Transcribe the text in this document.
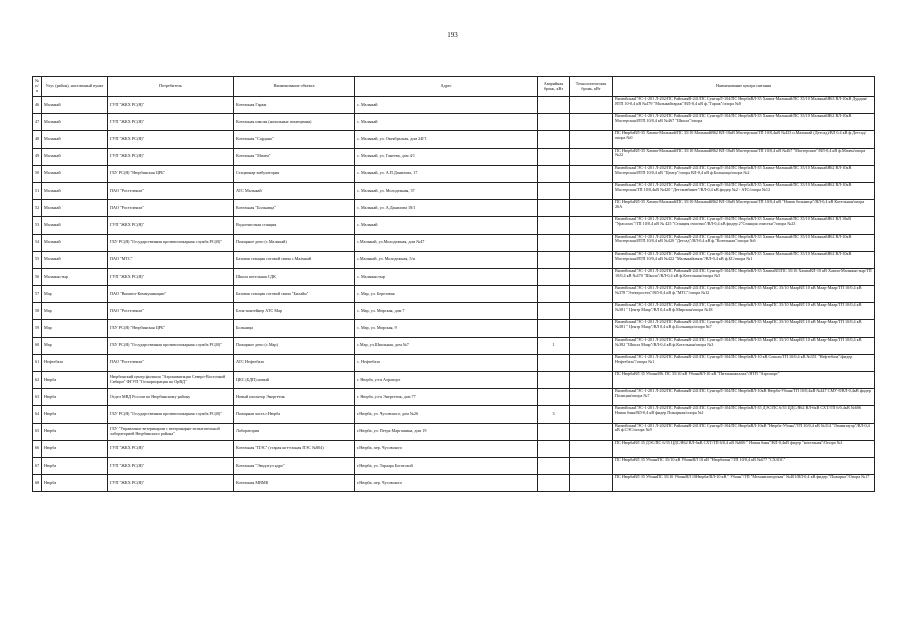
193
№ п/п	Улус (район), населенный пункт	Потребитель	Наименование объекта	Адрес	Аварийная бронь, кВт	Технологическая бронь, кВт	Наименование центра питания

46	Малыкай	ГУП "ЖКХ РС(Я)"	Котельная Гараж	с. Малыкай			ВилюйскаяГЭС-1-201 Л-202/ПС РайонаяВ-241/ПС СунтарЛ-104/ПС НюрбаВЛ-35 Хампа-Малыкай/ПС 35/10 МалыкайЯ63 ВЛ-10кВ Дурдин/ЯТП 10-0,4 кВ №479 "Малыкайгараж"/ВЛ-0,4 кВ ф."Гараж"/опора №0

47	Малыкай	ГУП "ЖКХ РС(Я)"	Котельная школы (начальные помещения)	с. Малыкай			ВилюйскаяГЭС-1-201 Л-202/ПС РайонаяВ-241/ПС СунтарЛ-104/ПС НюрбаВЛ-35 Хампа-Малыкай/ПС 35/10 МалыкайЯ62 ВЛ-10кВ Мастерская/ЯТП 10/0,4 кВ №467 "Школа"/опора

48	Малыкай	ГУП "ЖКХ РС(Я)"	Котельная "Сардана"	с. Малыкай, ул. Октябрьская, дом 24Г1			ПС НюрбаВЛ-35 Хампа-Малыкай/ПС 35/10 МалыкайЯ62 ВЛ-10кВ Мастерская/ТП 10/0,4кВ №433 п.Малыкай (Детсад)/ВЛ 0,4 кВ ф.Детсад/опора №0

49	Малыкай	ГУП "ЖКХ РС(Я)"	Котельная "Мачен"	с. Малыкай, ул. Ганеева, дом 4/1			ПС НюрбаВЛ-35 Хампа-Малыкай/ПС 35/10 МалыкайЯ62 ВЛ-10кВ Мастерская/ТП 10/0,4 кВ №467 "Мастерские"/ВЛ-0,4 кВ ф.Мачен/опора №22

50	Малыкай	ГБУ РС(Я) "Нюрбинская ЦРБ"	Стационар-амбулатория	с. Малыкай, ул. А.П.Данилова, 17			ВилюйскаяГЭС-1-201 Л-202/ПС РайонаяВ-241/ПС СунтарЛ-104/ПС НюрбаВЛ-35 Хампа-Малыкай/ПС 35/10 МалыкайЯ62 ВЛ-10кВ Мастерская/ЯТП 10/0,4 кВ "Центр"/опора ВЛ-0,4 кВ ф.Больница/опора №2

51	Малыкай	ПАО "Ростелеком"	АТС Малыкай	с. Малыкай, ул. Молодежная, 37			ВилюйскаяГЭС-1-201 Л-202/ПС РайонаяВ-241/ПС СунтарЛ-104/ПС НюрбаВЛ-35 Хампа-Малыкай/ПС 35/10 МалыкайЯ62 ВЛ-10кВ Мастерская/ТП 10/0,4кВ №420 "Детсковбинет"/ВЛ-0,4 кВ фидер №2 - АТС/опора №12

52	Малыкай	ПАО "Ростелеком"	Котельная "Больница"	с. Малыкай, ул. А.Данилова 18/1			ПС НюрбаВЛ-35 Хампа-Малыкай/ПС 35/10 МалыкайЯ62 ВЛ-10кВ Мастерская/ТП 10/0,4 кВ "Новая больница"/ВЛ-0,4 кВ Котельная/опора 26А

53	Малыкай	ГУП "ЖКХ РС(Я)"	Водоочистная станция	с. Малыкай			ВилюйскаяГЭС-1-201 Л-202/ПС РайонаяВ-241/ПС СунтарЛ-104/ПС НюрбаВЛ-35 Хампа-Малыкай/ПС 35/10 МалыкайЯ61 ВЛ 10кВ "Урасалах"/ТП 10/0,4 кВ № 425 "Станция очистки"/ВЛ-0,4 кВ фидер 2"Станция очистки"/опора №23

54	Малыкай	ГБУ РС(Я) "Государственная противопожарная служба РС(Я)"	Пожарное депо (с.Малыкай)	с.Малыкай, ул.Молодежная, дом №47			ВилюйскаяГЭС-1-201 Л-202/ПС РайонаяВ-241/ПС СунтарЛ-104/ПС НюрбаВЛ-35 Хампа-Малыкай/ПС 35/10 МалыкайЯ62 ВЛ-10кВ Мастерская/ЯТП 10/0,4 кВ №420 "Детсад"/ВЛ-0,4 кВ ф."Котельная"/опора №6

55	Малыкай	ПАО "МТС"	Базовая станция сотовой связи с.Малыкай	с.Малыкай, ул. Молодежная, 5/и			ВилюйскаяГЭС-1-201 Л-202/ПС РайонаяВ-241/ПС СунтарЛ-104/ПС НюрбаВЛ-35 Хампа-Малыкай/ПС 35/10 МалыкайЯ62 ВЛ-10кВ Мастерская/ЯТП 10/0,4 кВ №422 "Малыкайсвязь"/ВЛ-0,4 кВ ф.БС/опора №1

56	Малыкыстыр	ГУП "ЖКХ РС(Я)"	Школа котельная СДК	с. Малыкыстыр			ВилюйскаяГЭС-1-201 Л-202/ПС РайонаяВ-241/ПС СунтарЛ-104/ПС НюрбаВЛ-35 ХампаВЛ/ПС 35/10 ХампаВЛ-10 кВ Хампа-Малыкыстыр/ТП 10/0,4 кВ №470 "Школа"/ВЛ-0,4 кВ ф.Котельная/опора №5

57	Мар	ПАО "Вымпел-Коммуникации"	Базовая станция сотовой связи "Билайн"	с. Мар, ул. Березовая			ВилюйскаяГЭС-1-201 Л-202/ПС РайонаяВ-241/ПС СунтарЛ-104/ПС НюрбаВЛ-35 МаарПС 35/10 МаарВЛ 10 кВ Маар-Маар/ТП 10/0,4 кВ №378 "Электросеть"/ВЛ-0,4 кВ ф."МТС"/опора №12

58	Мар	ПАО "Ростелеком"	Блок-контейнер АТС Мар	с. Мар, ул. Мирская, дом 7			ВилюйскаяГЭС-1-201 Л-202/ПС РайонаяВ-241/ПС СунтарЛ-104/ПС НюрбаВЛ-35 МаарПС 35/10 МаарВЛ 10 кВ Маар-Маар/ТП 10/0,4 кВ №381 " Центр Маар"/ВЛ 0,4 кВ ф.Мирская/опора №18

59	Мар	ГБУ РС(Я) "Нюрбинская ЦРБ"	Больница	с. Мар, ул. Мирская, 9			ВилюйскаяГЭС-1-201 Л-202/ПС РайонаяВ-241/ПС СунтарЛ-104/ПС НюрбаВЛ-35 МаарПС 35/10 МаарВЛ 10 кВ Маар-Маар/ТП 10/0,4 кВ №381 " Центр Маар"/ВЛ 0,4 кВ ф.Больница/опора №7

60	Мар	ГБУ РС(Я) "Государственная противопожарная служба РС(Я)"	Пожарное депо (с.Мар)	с.Мар, ул.Школьная, дом №7	1		ВилюйскаяГЭС-1-201 Л-202/ПС РайонаяВ-241/ПС СунтарЛ-104/ПС НюрбаВЛ-35 МаарПС 35/10 МаарВЛ 10 кВ Маар-Маар/ТП 10/0,4 кВ №382 "Школа Маар"/ВЛ-0,4 кВ ф.Котельная/опора №3

61	Нефтебаза	ПАО "Ростелеком"	АТС Нефтебаза	с. Нефтебаза			ВилюйскаяГЭС-1-201 Л-202/ПС РайонаяВ-241/ПС СунтарЛ-104/ПС НюрбаВЛ-10 кВ Соколь/ТП 10/0,4 кВ №351 "Нефтебаза"/фидер Нефтебаза"/опора №1

62	Нюрба	Нюрбинский центр филиала "Аэронавигация Северо-Восточной Сибири" ФГУП "Госкорпорация по ОрВД"	ЦКС (БДП) новый	г. Нюрба, ул-я Аэропорт			ПС НюрбаВЛ 35 Убоян/Я6. ПС 35/10 кВ УбоянВЛ-10 кВ "Питлыкавсалах"/ЯТП "Аэропорт"

63	Нюрба	Отдел МВД России по Нюрбинскому району	Новый изолятор Энергетик	г. Нюрба, ул-я Энергетик, дом 77			ВилюйскаяГЭС-1-201 Л-202/ПС РайонаяВ-241/ПС СунтарЛ-104/ПС НюрбаВЛ-10кВ Нюрба-Убоян/ТП 10/0,4кВ №447 СМУ-8/ВЛ-0,4кВ фидер Полиция/опора №7

64	Нюрба	ГБУ РС(Я) "Государственная противопожарная служба РС(Я)"	Пожарная часть г.Нюрба	г.Нюрба, ул. Чусовского, дом №26	3		ВилюйскаяГЭС-1-201 Л-202/ПС РайонаяВ-241/ПС СунтарЛ-104/ПС НюрбаВЛ-35 ДЭС/ПС 6/35 ЦДС/Я62 ВЛ-6кВ СХТ/ТП 6/0,4кВ №606 Новая баня/ВЛ-0,4 кВ фидер Пожарная/опора №1

65	Нюрба	ГБУ "Управление ветеринарии с ветеринарно-испытательной лабораторией Нюрбинского района"	Лаборатория	г.Нюрба, ул. Петра Маргашина, дом 19			ВилюйскаяГЭС-1-201 Л-202/ПС РайонаяВ-241/ПС СунтарЛ-104/ПС НюрбаВЛ-10кВ "Нюрба-Убоян"/ТП 10/0,4 кВ №314 "Ленинтауэр"/ВЛ-0,4 кВ ф.СЭС/опора №9

66	Нюрба	ГУП "ЖКХ РС(Я)"	Котельная "ПЭС" (старая кот-ельная ПЭС №804)	г.Нюрба, пер. Чусовского			ПС НюрбаВЛ 35 ДЭС/ПС 6/35 ЦДС/Я62 ВЛ-6кВ СХТ/ТП 6/0,4 кВ №606 " Новая баня"/ВЛ-0,4кВ фидер "котельная"/Опора №1

67	Нюрба	ГУП "ЖКХ РС(Я)"	Котельная "Эвадлгул ядро"	г.Нюрба, ул. Тараара Богатской			ПС НюрбаВЛ 35 Убоян/ПС 35/10 кВ УбоянВЛ 10 кВ "Нюрбачан"/ТП 10/0,4 кВ №677 "СХЗОС"

68	Нюрба	ГУП "ЖКХ РС(Я)"	Котельная МВМК	г.Нюрба, пер. Чусовского			ПС НюрбаВЛ 35 УбоянПС 35/10 УбоянВЛ 10Нюрба/ВЛ-10 кВ " Убоян"/ТП "Механизаторская" №401/ВЛ-0,4 кВ фидер "Пожарка"/Опора №17
